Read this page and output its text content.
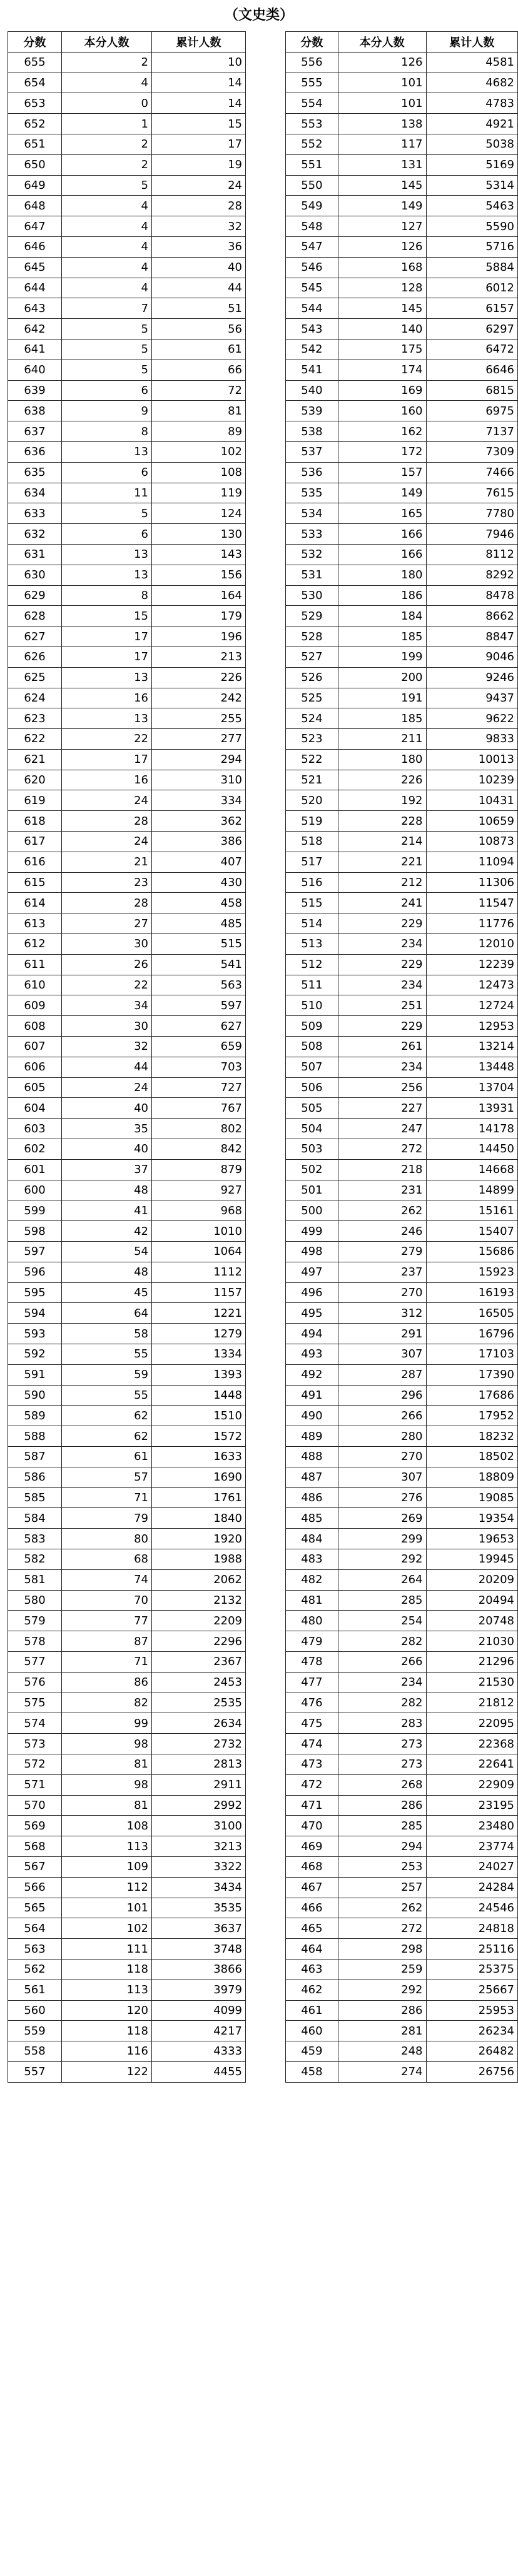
（文史类）
分数	本分人数	累计人数
655	2	10
654	4	14
653	0	14
652	1	15
651	2	17
650	2	19
649	5	24
648	4	28
647	4	32
646	4	36
645	4	40
644	4	44
643	7	51
642	5	56
641	5	61
640	5	66
639	6	72
638	9	81
637	8	89
636	13	102
635	6	108
634	11	119
633	5	124
632	6	130
631	13	143
630	13	156
629	8	164
628	15	179
627	17	196
626	17	213
625	13	226
624	16	242
623	13	255
622	22	277
621	17	294
620	16	310
619	24	334
618	28	362
617	24	386
616	21	407
615	23	430
614	28	458
613	27	485
612	30	515
611	26	541
610	22	563
609	34	597
608	30	627
607	32	659
606	44	703
605	24	727
604	40	767
603	35	802
602	40	842
601	37	879
600	48	927
599	41	968
598	42	1010
597	54	1064
596	48	1112
595	45	1157
594	64	1221
593	58	1279
592	55	1334
591	59	1393
590	55	1448
589	62	1510
588	62	1572
587	61	1633
586	57	1690
585	71	1761
584	79	1840
583	80	1920
582	68	1988
581	74	2062
580	70	2132
579	77	2209
578	87	2296
577	71	2367
576	86	2453
575	82	2535
574	99	2634
573	98	2732
572	81	2813
571	98	2911
570	81	2992
569	108	3100
568	113	3213
567	109	3322
566	112	3434
565	101	3535
564	102	3637
563	111	3748
562	118	3866
561	113	3979
560	120	4099
559	118	4217
558	116	4333
557	122	4455
分数	本分人数	累计人数
556	126	4581
555	101	4682
554	101	4783
553	138	4921
552	117	5038
551	131	5169
550	145	5314
549	149	5463
548	127	5590
547	126	5716
546	168	5884
545	128	6012
544	145	6157
543	140	6297
542	175	6472
541	174	6646
540	169	6815
539	160	6975
538	162	7137
537	172	7309
536	157	7466
535	149	7615
534	165	7780
533	166	7946
532	166	8112
531	180	8292
530	186	8478
529	184	8662
528	185	8847
527	199	9046
526	200	9246
525	191	9437
524	185	9622
523	211	9833
522	180	10013
521	226	10239
520	192	10431
519	228	10659
518	214	10873
517	221	11094
516	212	11306
515	241	11547
514	229	11776
513	234	12010
512	229	12239
511	234	12473
510	251	12724
509	229	12953
508	261	13214
507	234	13448
506	256	13704
505	227	13931
504	247	14178
503	272	14450
502	218	14668
501	231	14899
500	262	15161
499	246	15407
498	279	15686
497	237	15923
496	270	16193
495	312	16505
494	291	16796
493	307	17103
492	287	17390
491	296	17686
490	266	17952
489	280	18232
488	270	18502
487	307	18809
486	276	19085
485	269	19354
484	299	19653
483	292	19945
482	264	20209
481	285	20494
480	254	20748
479	282	21030
478	266	21296
477	234	21530
476	282	21812
475	283	22095
474	273	22368
473	273	22641
472	268	22909
471	286	23195
470	285	23480
469	294	23774
468	253	24027
467	257	24284
466	262	24546
465	272	24818
464	298	25116
463	259	25375
462	292	25667
461	286	25953
460	281	26234
459	248	26482
458	274	26756
